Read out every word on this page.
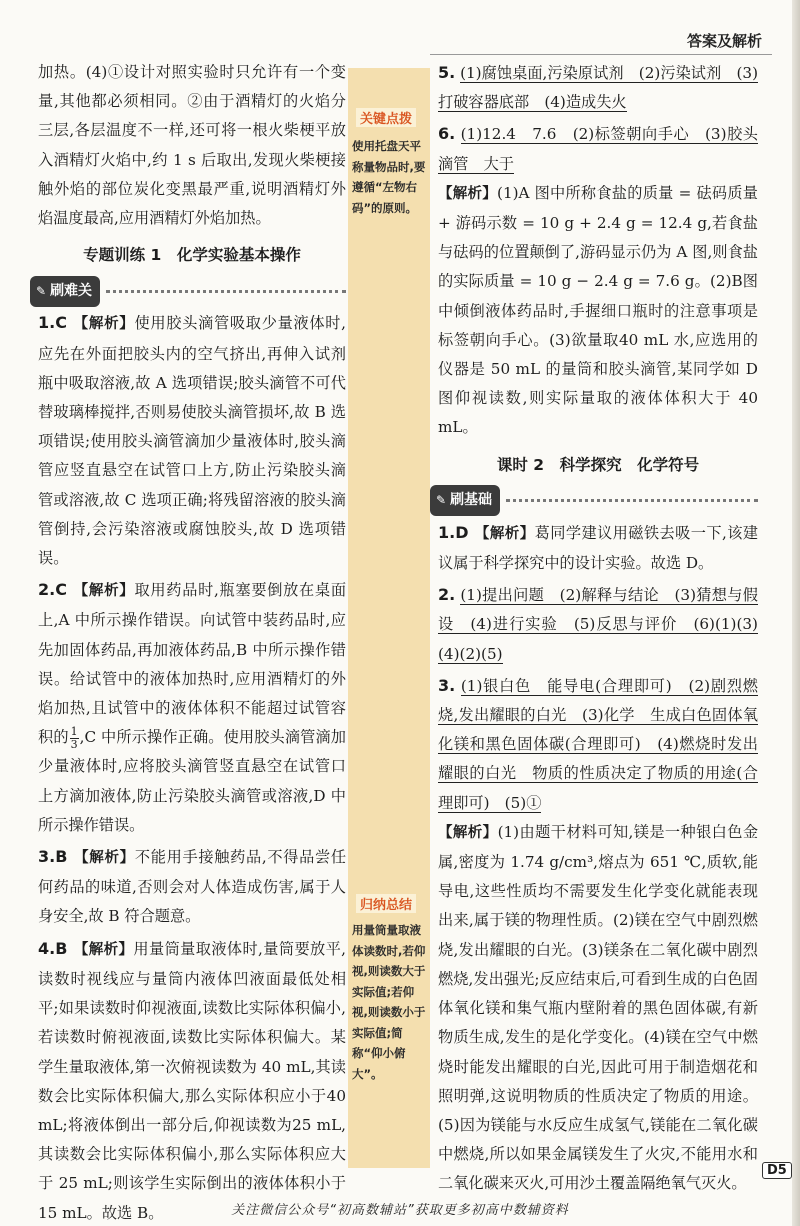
答案及解析
关键点拨
使用托盘天平称量物品时,要遵循“左物右码”的原则。
归纳总结
用量筒量取液体读数时,若仰视,则读数大于实际值;若仰视,则读数小于实际值;简称“仰小俯大”。

加热。(4)①设计对照实验时只允许有一个变量,其他都必须相同。②由于酒精灯的火焰分三层,各层温度不一样,还可将一根火柴梗平放入酒精灯火焰中,约 1 s 后取出,发现火柴梗接触外焰的部位炭化变黑最严重,说明酒精灯外焰温度最高,应用酒精灯外焰加热。

专题训练 1　化学实验基本操作
✎ 刷难关

1.C 【解析】使用胶头滴管吸取少量液体时,应先在外面把胶头内的空气挤出,再伸入试剂瓶中吸取溶液,故 A 选项错误;胶头滴管不可代替玻璃棒搅拌,否则易使胶头滴管损坏,故 B 选项错误;使用胶头滴管滴加少量液体时,胶头滴管应竖直悬空在试管口上方,防止污染胶头滴管或溶液,故 C 选项正确;将残留溶液的胶头滴管倒持,会污染溶液或腐蚀胶头,故 D 选项错误。

2.C 【解析】取用药品时,瓶塞要倒放在桌面上,A 中所示操作错误。向试管中装药品时,应先加固体药品,再加液体药品,B 中所示操作错误。给试管中的液体加热时,应用酒精灯的外焰加热,且试管中的液体体积不能超过试管容积的 $\frac{1}{3} ,C$ 中所示操作正确。使用胶头滴管滴加少量液体时,应将胶头滴管竖直悬空在试管口上方滴加液体,防止污染胶头滴管或溶液,D 中所示操作错误。

3.B 【解析】不能用手接触药品,不得品尝任何药品的味道,否则会对人体造成伤害,属于人身安全,故 B 符合题意。

4.B 【解析】用量筒量取液体时,量筒要放平,读数时视线应与量筒内液体凹液面最低处相平;如果读数时仰视液面,读数比实际体积偏小,若读数时俯视液面,读数比实际体积偏大。某学生量取液体,第一次俯视读数为 40 mL,其读数会比实际体积偏大,那么实际体积应小于40 mL;将液体倒出一部分后,仰视读数为25 mL,其读数会比实际体积偏小,那么实际体积应大于 25 mL;则该学生实际倒出的液体体积小于 15 mL。故选 B。

5. (1)腐蚀桌面,污染原试剂　(2)污染试剂　(3)打破容器底部　(4)造成失火

6. (1)12.4　7.6　(2)标签朝向手心　(3)胶头滴管　大于

【解析】(1)A 图中所称食盐的质量 = 砝码质量 + 游码示数 = 10 g + 2.4 g = 12.4 g,若食盐与砝码的位置颠倒了,游码显示仍为 A 图,则食盐的实际质量 = 10 g − 2.4 g = 7.6 g。(2)B图中倾倒液体药品时,手握细口瓶时的注意事项是标签朝向手心。(3)欲量取40 mL 水,应选用的仪器是 50 mL 的量筒和胶头滴管,某同学如 D 图仰视读数,则实际量取的液体体积大于 40 mL。

课时 2　科学探究　化学符号
✎ 刷基础

1.D 【解析】葛同学建议用磁铁去吸一下,该建议属于科学探究中的设计实验。故选 D。

2. (1)提出问题　(2)解释与结论　(3)猜想与假设　(4)进行实验　(5)反思与评价　(6)(1)(3)(4)(2)(5)

3. (1)银白色　能导电(合理即可)　(2)剧烈燃烧,发出耀眼的白光　(3)化学　生成白色固体氧化镁和黑色固体碳(合理即可)　(4)燃烧时发出耀眼的白光　物质的性质决定了物质的用途(合理即可)　(5)①

【解析】(1)由题干材料可知,镁是一种银白色金属,密度为 1.74 g/cm³,熔点为 651 ℃,质软,能导电,这些性质均不需要发生化学变化就能表现出来,属于镁的物理性质。(2)镁在空气中剧烈燃烧,发出耀眼的白光。(3)镁条在二氧化碳中剧烈燃烧,发出强光;反应结束后,可看到生成的白色固体氧化镁和集气瓶内壁附着的黑色固体碳,有新物质生成,发生的是化学变化。(4)镁在空气中燃烧时能发出耀眼的白光,因此可用于制造烟花和照明弹,这说明物质的性质决定了物质的用途。(5)因为镁能与水反应生成氢气,镁能在二氧化碳中燃烧,所以如果金属镁发生了火灾,不能用水和二氧化碳来灭火,可用沙土覆盖隔绝氧气灭火。

D5
关注微信公众号“初高数辅站”获取更多初高中数辅资料
